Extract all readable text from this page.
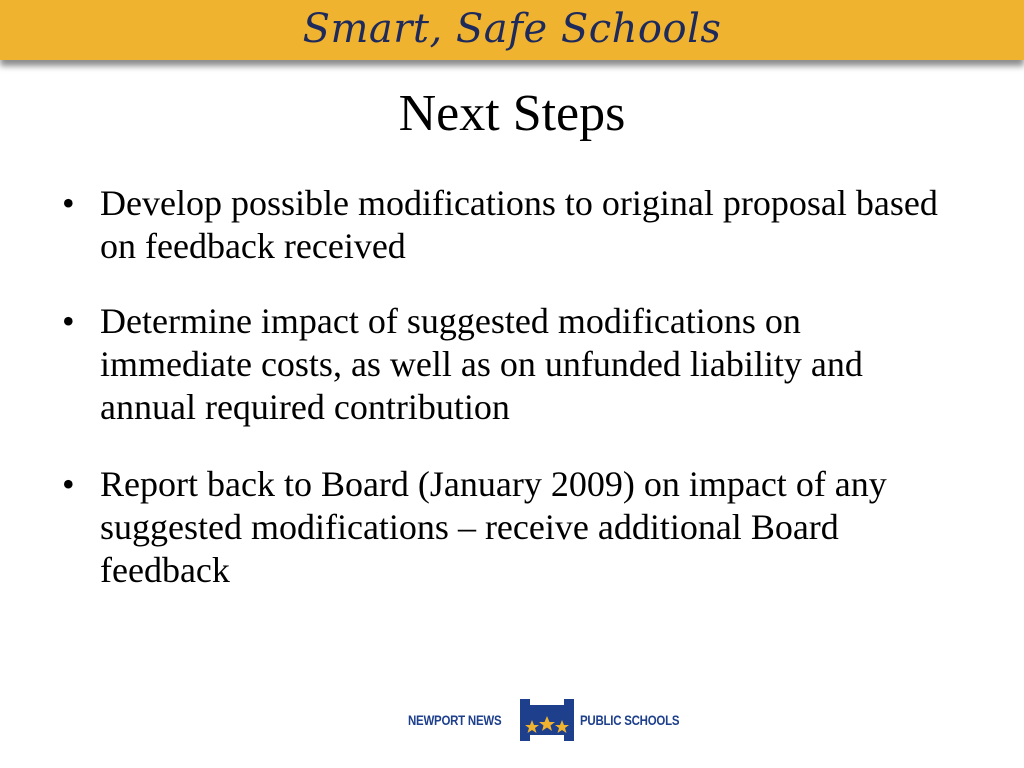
Smart, Safe Schools
Next Steps
• Develop possible modifications to original proposal based on feedback received
• Determine impact of suggested modifications on immediate costs, as well as on unfunded liability and annual required contribution
• Report back to Board (January 2009) on impact of any suggested modifications – receive additional Board feedback
NEWPORT NEWS	PUBLIC SCHOOLS
